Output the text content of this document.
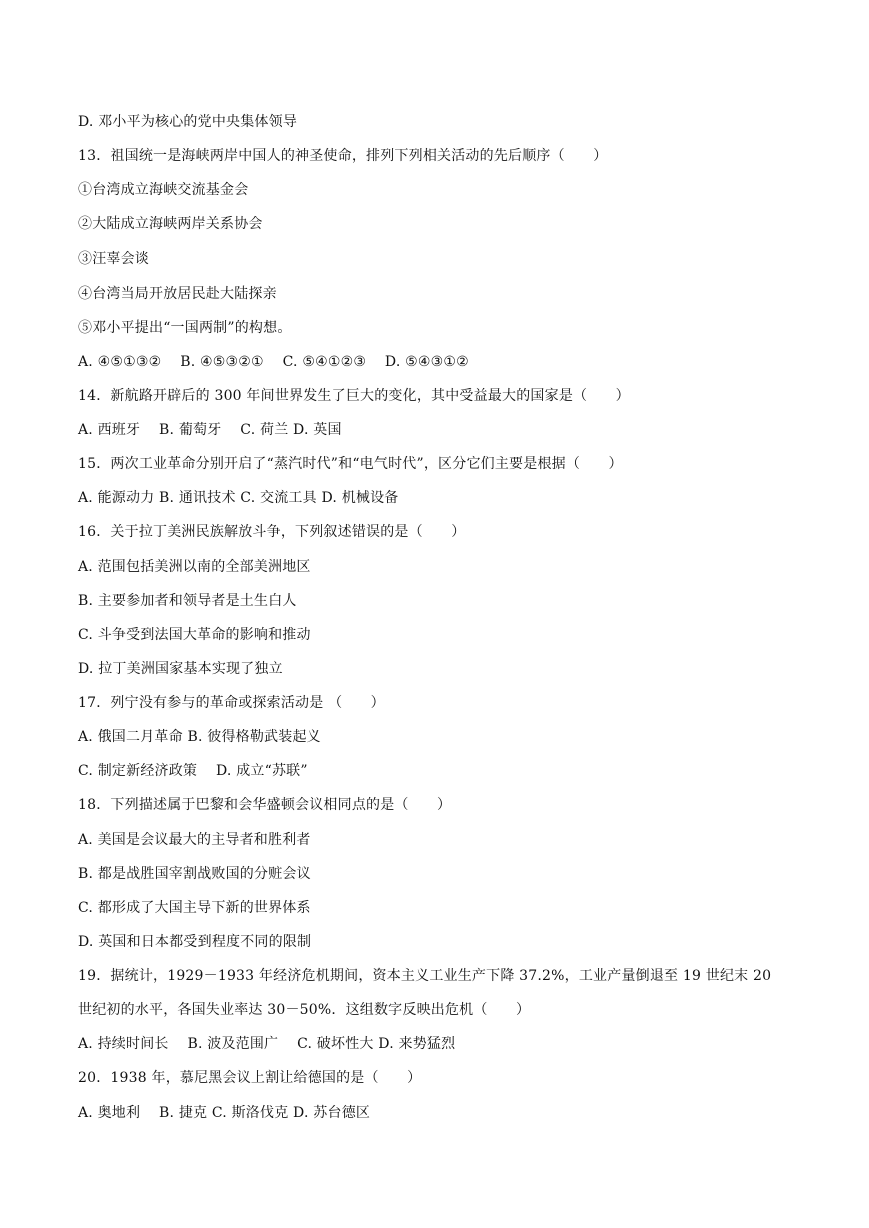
D. 邓小平为核心的党中央集体领导
13．祖国统一是海峡两岸中国人的神圣使命，排列下列相关活动的先后顺序（　　）
①台湾成立海峡交流基金会
②大陆成立海峡两岸关系协会
③汪辜会谈
④台湾当局开放居民赴大陆探亲
⑤邓小平提出“一国两制”的构想。
A. ④⑤①③②　 B. ④⑤③②①　 C. ⑤④①②③　 D. ⑤④③①②
14．新航路开辟后的 300 年间世界发生了巨大的变化，其中受益最大的国家是（　　）
A. 西班牙　 B. 葡萄牙　 C. 荷兰 D. 英国
15．两次工业革命分别开启了“蒸汽时代”和“电气时代”，区分它们主要是根据（　　）
A. 能源动力 B. 通讯技术 C. 交流工具 D. 机械设备
16．关于拉丁美洲民族解放斗争，下列叙述错误的是（　　）
A. 范围包括美洲以南的全部美洲地区
B. 主要参加者和领导者是土生白人
C. 斗争受到法国大革命的影响和推动
D. 拉丁美洲国家基本实现了独立
17．列宁没有参与的革命或探索活动是 （　　）
A. 俄国二月革命 B. 彼得格勒武装起义
C. 制定新经济政策　 D. 成立“苏联”
18．下列描述属于巴黎和会华盛顿会议相同点的是（　　）
A. 美国是会议最大的主导者和胜利者
B. 都是战胜国宰割战败国的分赃会议
C. 都形成了大国主导下新的世界体系
D. 英国和日本都受到程度不同的限制
19．据统计，1929－1933 年经济危机期间，资本主义工业生产下降 37.2%，工业产量倒退至 19 世纪末 20
世纪初的水平，各国失业率达 30－50%．这组数字反映出危机（　　）
A. 持续时间长　 B. 波及范围广　 C. 破坏性大 D. 来势猛烈
20．1938 年，慕尼黑会议上割让给德国的是（　　）
A. 奥地利　 B. 捷克 C. 斯洛伐克 D. 苏台德区
